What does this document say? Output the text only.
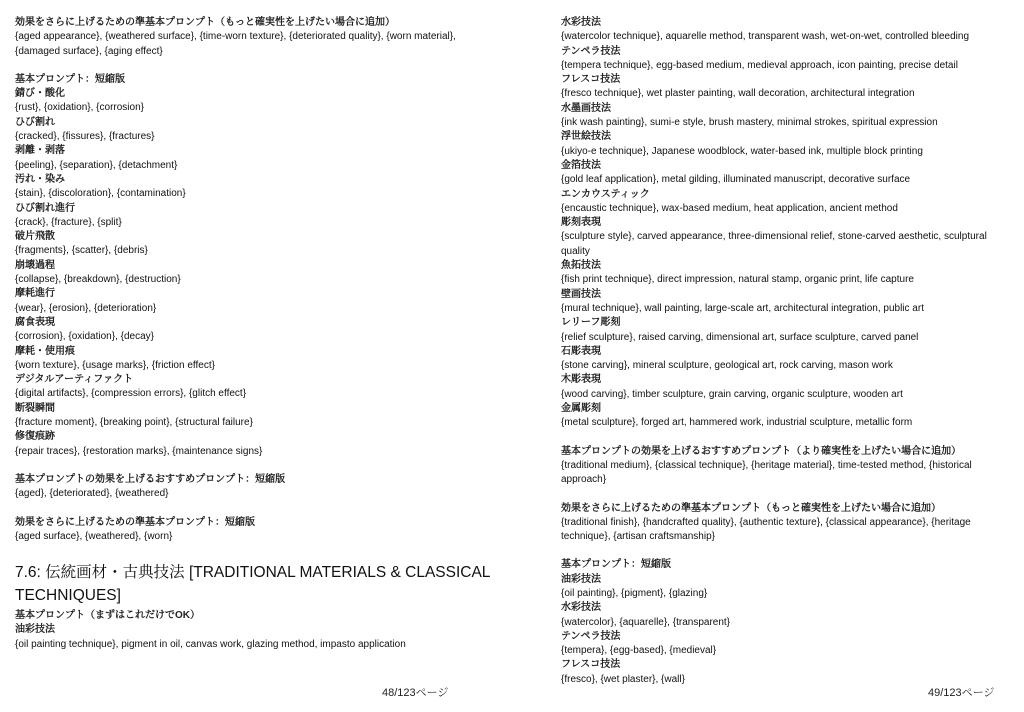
効果をさらに上げるための準基本プロンプト（もっと確実性を上げたい場合に追加）
{aged appearance}, {weathered surface}, {time-worn texture}, {deteriorated quality}, {worn material}, {damaged surface}, {aging effect}
基本プロンプト：短縮版
錆び・酸化
{rust}, {oxidation}, {corrosion}
ひび割れ
{cracked}, {fissures}, {fractures}
剥離・剥落
{peeling}, {separation}, {detachment}
汚れ・染み
{stain}, {discoloration}, {contamination}
ひび割れ進行
{crack}, {fracture}, {split}
破片飛散
{fragments}, {scatter}, {debris}
崩壊過程
{collapse}, {breakdown}, {destruction}
摩耗進行
{wear}, {erosion}, {deterioration}
腐食表現
{corrosion}, {oxidation}, {decay}
摩耗・使用痕
{worn texture}, {usage marks}, {friction effect}
デジタルアーティファクト
{digital artifacts}, {compression errors}, {glitch effect}
断裂瞬間
{fracture moment}, {breaking point}, {structural failure}
修復痕跡
{repair traces}, {restoration marks}, {maintenance signs}
基本プロンプトの効果を上げるおすすめプロンプト：短縮版
{aged}, {deteriorated}, {weathered}
効果をさらに上げるための準基本プロンプト：短縮版
{aged surface}, {weathered}, {worn}
7.6: 伝統画材・古典技法 [TRADITIONAL MATERIALS & CLASSICAL TECHNIQUES]
基本プロンプト（まずはこれだけでOK）
油彩技法
{oil painting technique}, pigment in oil, canvas work, glazing method, impasto application
水彩技法
{watercolor technique}, aquarelle method, transparent wash, wet-on-wet, controlled bleeding
テンペラ技法
{tempera technique}, egg-based medium, medieval approach, icon painting, precise detail
フレスコ技法
{fresco technique}, wet plaster painting, wall decoration, architectural integration
水墨画技法
{ink wash painting}, sumi-e style, brush mastery, minimal strokes, spiritual expression
浮世絵技法
{ukiyo-e technique}, Japanese woodblock, water-based ink, multiple block printing
金箔技法
{gold leaf application}, metal gilding, illuminated manuscript, decorative surface
エンカウスティック
{encaustic technique}, wax-based medium, heat application, ancient method
彫刻表現
{sculpture style}, carved appearance, three-dimensional relief, stone-carved aesthetic, sculptural quality
魚拓技法
{fish print technique}, direct impression, natural stamp, organic print, life capture
壁画技法
{mural technique}, wall painting, large-scale art, architectural integration, public art
レリーフ彫刻
{relief sculpture}, raised carving, dimensional art, surface sculpture, carved panel
石彫表現
{stone carving}, mineral sculpture, geological art, rock carving, mason work
木彫表現
{wood carving}, timber sculpture, grain carving, organic sculpture, wooden art
金属彫刻
{metal sculpture}, forged art, hammered work, industrial sculpture, metallic form
基本プロンプトの効果を上げるおすすめプロンプト（より確実性を上げたい場合に追加）
{traditional medium}, {classical technique}, {heritage material}, time-tested method, {historical approach}
効果をさらに上げるための準基本プロンプト（もっと確実性を上げたい場合に追加）
{traditional finish}, {handcrafted quality}, {authentic texture}, {classical appearance}, {heritage technique}, {artisan craftsmanship}
基本プロンプト：短縮版
油彩技法
{oil painting}, {pigment}, {glazing}
水彩技法
{watercolor}, {aquarelle}, {transparent}
テンペラ技法
{tempera}, {egg-based}, {medieval}
フレスコ技法
{fresco}, {wet plaster}, {wall}
48/123ページ	49/123ページ
